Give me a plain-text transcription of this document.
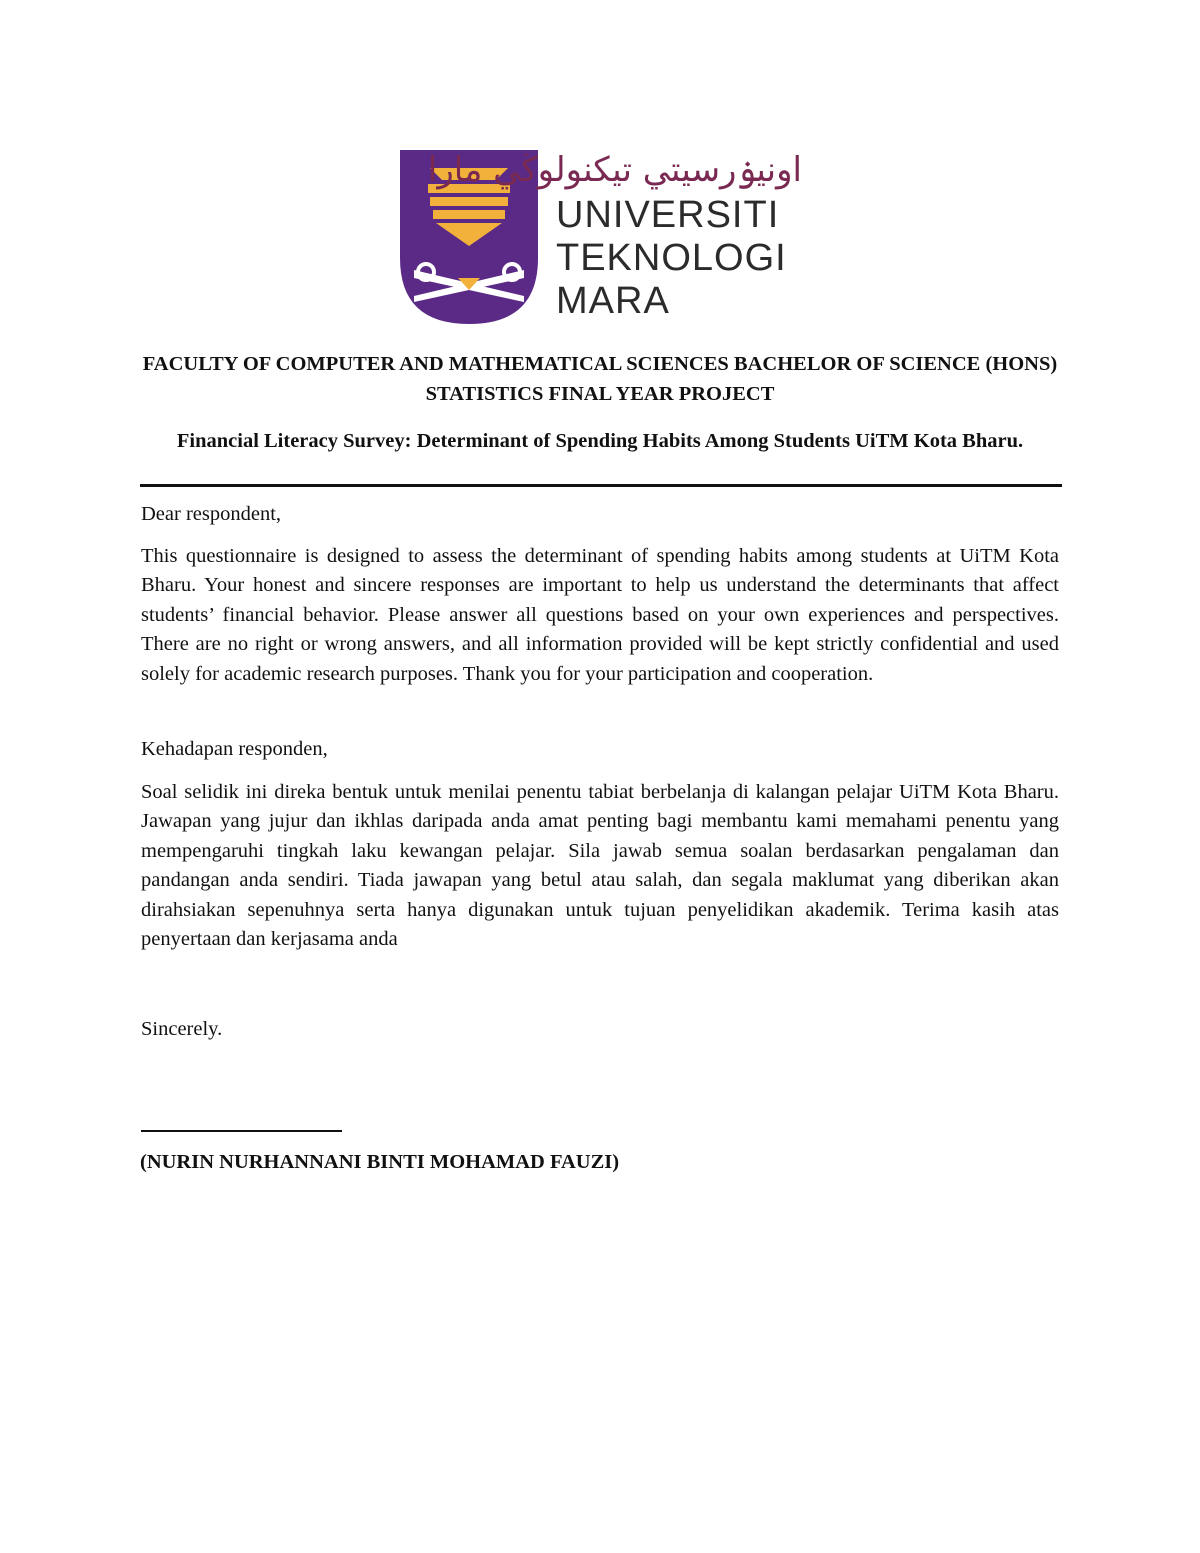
اونيۏرسيتي تيكنولوڬي مارا
UNIVERSITI
TEKNOLOGI
MARA

FACULTY OF COMPUTER AND MATHEMATICAL SCIENCES BACHELOR OF SCIENCE (HONS) STATISTICS FINAL YEAR PROJECT

Financial Literacy Survey: Determinant of Spending Habits Among Students UiTM Kota Bharu.

Dear respondent,

This questionnaire is designed to assess the determinant of spending habits among students at UiTM Kota Bharu. Your honest and sincere responses are important to help us understand the determinants that affect students’ financial behavior. Please answer all questions based on your own experiences and perspectives. There are no right or wrong answers, and all information provided will be kept strictly confidential and used solely for academic research purposes. Thank you for your participation and cooperation.

Kehadapan responden,

Soal selidik ini direka bentuk untuk menilai penentu tabiat berbelanja di kalangan pelajar UiTM Kota Bharu. Jawapan yang jujur dan ikhlas daripada anda amat penting bagi membantu kami memahami penentu yang mempengaruhi tingkah laku kewangan pelajar. Sila jawab semua soalan berdasarkan pengalaman dan pandangan anda sendiri. Tiada jawapan yang betul atau salah, dan segala maklumat yang diberikan akan dirahsiakan sepenuhnya serta hanya digunakan untuk tujuan penyelidikan akademik. Terima kasih atas penyertaan dan kerjasama anda

Sincerely.

(NURIN NURHANNANI BINTI MOHAMAD FAUZI)
